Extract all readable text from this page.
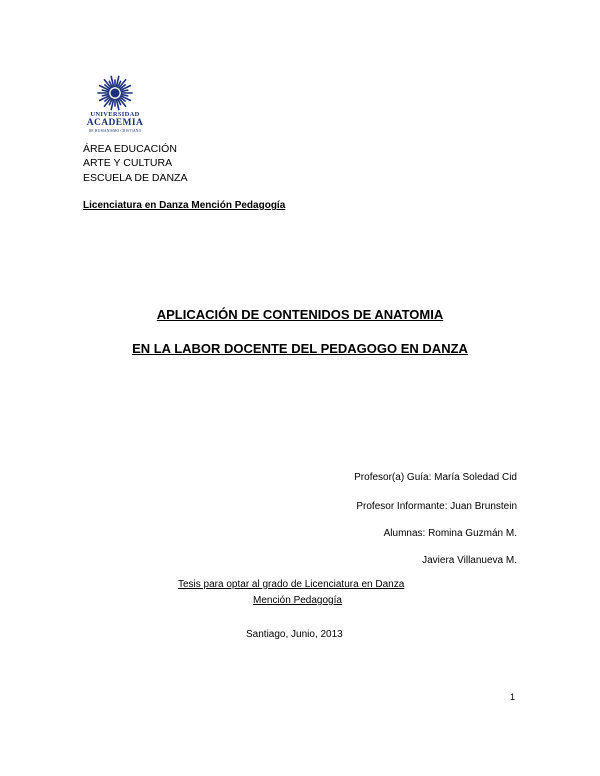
UNIVERSIDAD
ACADEMIA
DE HUMANISMO CRISTIANO
ÁREA EDUCACIÓN
ARTE Y CULTURA
ESCUELA DE DANZA
Licenciatura en Danza Mención Pedagogía
APLICACIÓN DE CONTENIDOS DE ANATOMIA
EN LA LABOR DOCENTE DEL PEDAGOGO EN DANZA
Profesor(a) Guía: María Soledad Cid
Profesor Informante: Juan Brunstein
Alumnas: Romina Guzmán M.
Javiera Villanueva M.
Tesis para optar al grado de Licenciatura en Danza
Mención Pedagogía
Santiago, Junio, 2013
1
